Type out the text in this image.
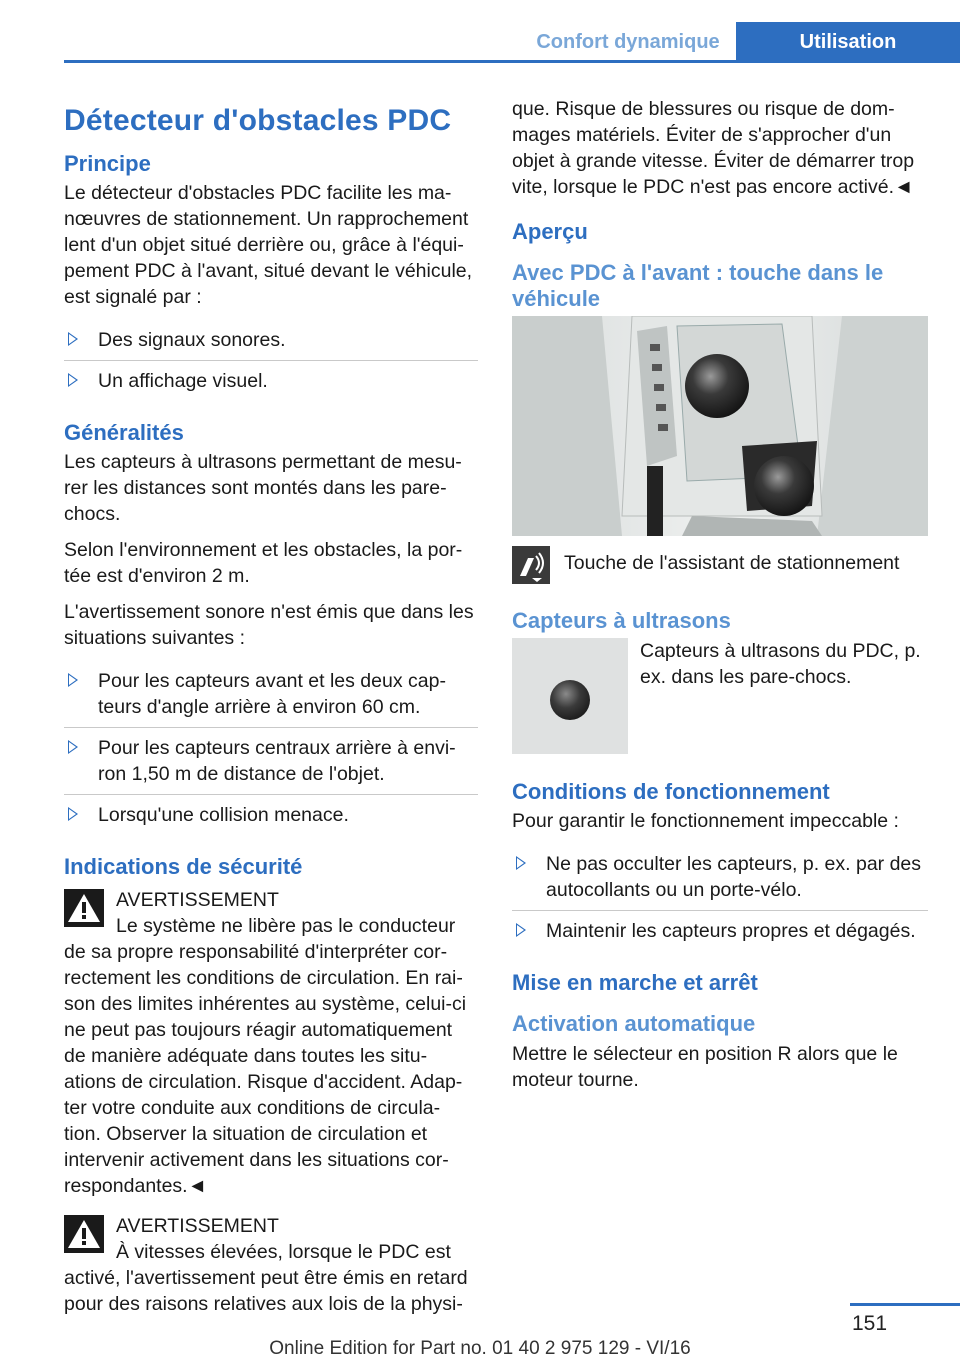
Confort dynamique	Utilisation
Détecteur d'obstacles PDC
Principe

Le détecteur d'obstacles PDC facilite les ma‐ nœuvres de stationnement. Un rapprochement lent d'un objet situé derrière ou, grâce à l'équi‐ pement PDC à l'avant, situé devant le véhicule, est signalé par :

Des signaux sonores.
Un affichage visuel.
Généralités

Les capteurs à ultrasons permettant de mesu‐ rer les distances sont montés dans les pare- chocs.

Selon l'environnement et les obstacles, la por‐ tée est d'environ 2 m.

L'avertissement sonore n'est émis que dans les situations suivantes :

Pour les capteurs avant et les deux cap‐ teurs d'angle arrière à environ 60 cm.
Pour les capteurs centraux arrière à envi‐ ron 1,50 m de distance de l'objet.
Lorsqu'une collision menace.
Indications de sécurité
AVERTISSEMENT
Le système ne libère pas le conducteur de sa propre responsabilité d'interpréter cor‐ rectement les conditions de circulation. En rai‐ son des limites inhérentes au système, celui-ci ne peut pas toujours réagir automatiquement de manière adéquate dans toutes les situ‐ ations de circulation. Risque d'accident. Adap‐ ter votre conduite aux conditions de circula‐ tion. Observer la situation de circulation et intervenir activement dans les situations cor‐ respondantes.◄
AVERTISSEMENT
À vitesses élevées, lorsque le PDC est activé, l'avertissement peut être émis en retard pour des raisons relatives aux lois de la physi‐

que. Risque de blessures ou risque de dom‐ mages matériels. Éviter de s'approcher d'un objet à grande vitesse. Éviter de démarrer trop vite, lorsque le PDC n'est pas encore activé.◄

Aperçu
Avec PDC à l'avant : touche dans le véhicule
Touche de l'assistant de stationnement
Capteurs à ultrasons
Capteurs à ultrasons du PDC, p. ex. dans les pare-chocs.
Conditions de fonctionnement

Pour garantir le fonctionnement impeccable :

Ne pas occulter les capteurs, p. ex. par des autocollants ou un porte-vélo.
Maintenir les capteurs propres et dégagés.
Mise en marche et arrêt
Activation automatique

Mettre le sélecteur en position R alors que le moteur tourne.

151
Online Edition for Part no. 01 40 2 975 129 - VI/16
